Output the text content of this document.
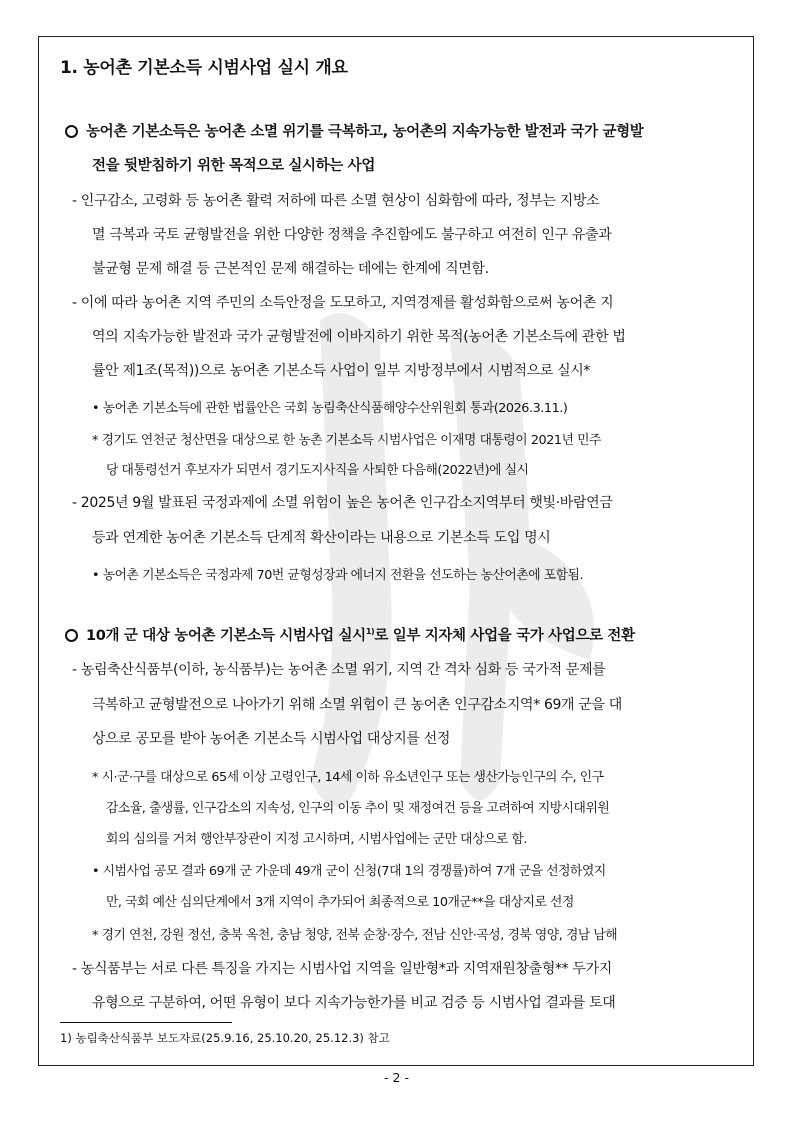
1. 농어촌 기본소득 시범사업 실시 개요
농어촌 기본소득은 농어촌 소멸 위기를 극복하고, 농어촌의 지속가능한 발전과 국가 균형발
전을 뒷받침하기 위한 목적으로 실시하는 사업
- 인구감소, 고령화 등 농어촌 활력 저하에 따른 소멸 현상이 심화함에 따라, 정부는 지방소
멸 극복과 국토 균형발전을 위한 다양한 정책을 추진함에도 불구하고 여전히 인구 유출과
불균형 문제 해결 등 근본적인 문제 해결하는 데에는 한계에 직면함.
- 이에 따라 농어촌 지역 주민의 소득안정을 도모하고, 지역경제를 활성화함으로써 농어촌 지
역의 지속가능한 발전과 국가 균형발전에 이바지하기 위한 목적(농어촌 기본소득에 관한 법
률안 제1조(목적))으로 농어촌 기본소득 사업이 일부 지방정부에서 시범적으로 실시*
• 농어촌 기본소득에 관한 법률안은 국회 농림축산식품해양수산위원회 통과(2026.3.11.)
* 경기도 연천군 청산면을 대상으로 한 농촌 기본소득 시범사업은 이재명 대통령이 2021년 민주
당 대통령선거 후보자가 되면서 경기도지사직을 사퇴한 다음해(2022년)에 실시
- 2025년 9월 발표된 국정과제에 소멸 위험이 높은 농어촌 인구감소지역부터 햇빛·바람연금
등과 연계한 농어촌 기본소득 단계적 확산이라는 내용으로 기본소득 도입 명시
• 농어촌 기본소득은 국정과제 70번 균형성장과 에너지 전환을 선도하는 농산어촌에 포함됨.
10개 군 대상 농어촌 기본소득 시범사업 실시$^{1)}$로 일부 지자체 사업을 국가 사업으로 전환
- 농림축산식품부(이하, 농식품부)는 농어촌 소멸 위기, 지역 간 격차 심화 등 국가적 문제를
극복하고 균형발전으로 나아가기 위해 소멸 위험이 큰 농어촌 인구감소지역* 69개 군을 대
상으로 공모를 받아 농어촌 기본소득 시범사업 대상지를 선정
* 시·군·구를 대상으로 65세 이상 고령인구, 14세 이하 유소년인구 또는 생산가능인구의 수, 인구
감소율, 출생률, 인구감소의 지속성, 인구의 이동 추이 및 재정여건 등을 고려하여 지방시대위원
회의 심의를 거쳐 행안부장관이 지정 고시하며, 시범사업에는 군만 대상으로 함.
• 시범사업 공모 결과 69개 군 가운데 49개 군이 신청(7대 1의 경쟁률)하여 7개 군을 선정하였지
만, 국회 예산 심의단계에서 3개 지역이 추가되어 최종적으로 10개군**을 대상지로 선정
* 경기 연천, 강원 정선, 충북 옥천, 충남 청양, 전북 순창·장수, 전남 신안·곡성, 경북 영양, 경남 남해
- 농식품부는 서로 다른 특징을 가지는 시범사업 지역을 일반형*과 지역재원창출형** 두가지
유형으로 구분하여, 어떤 유형이 보다 지속가능한가를 비교 검증 등 시범사업 결과를 토대
1) 농림축산식품부 보도자료(25.9.16, 25.10.20, 25.12.3) 참고
- 2 -
